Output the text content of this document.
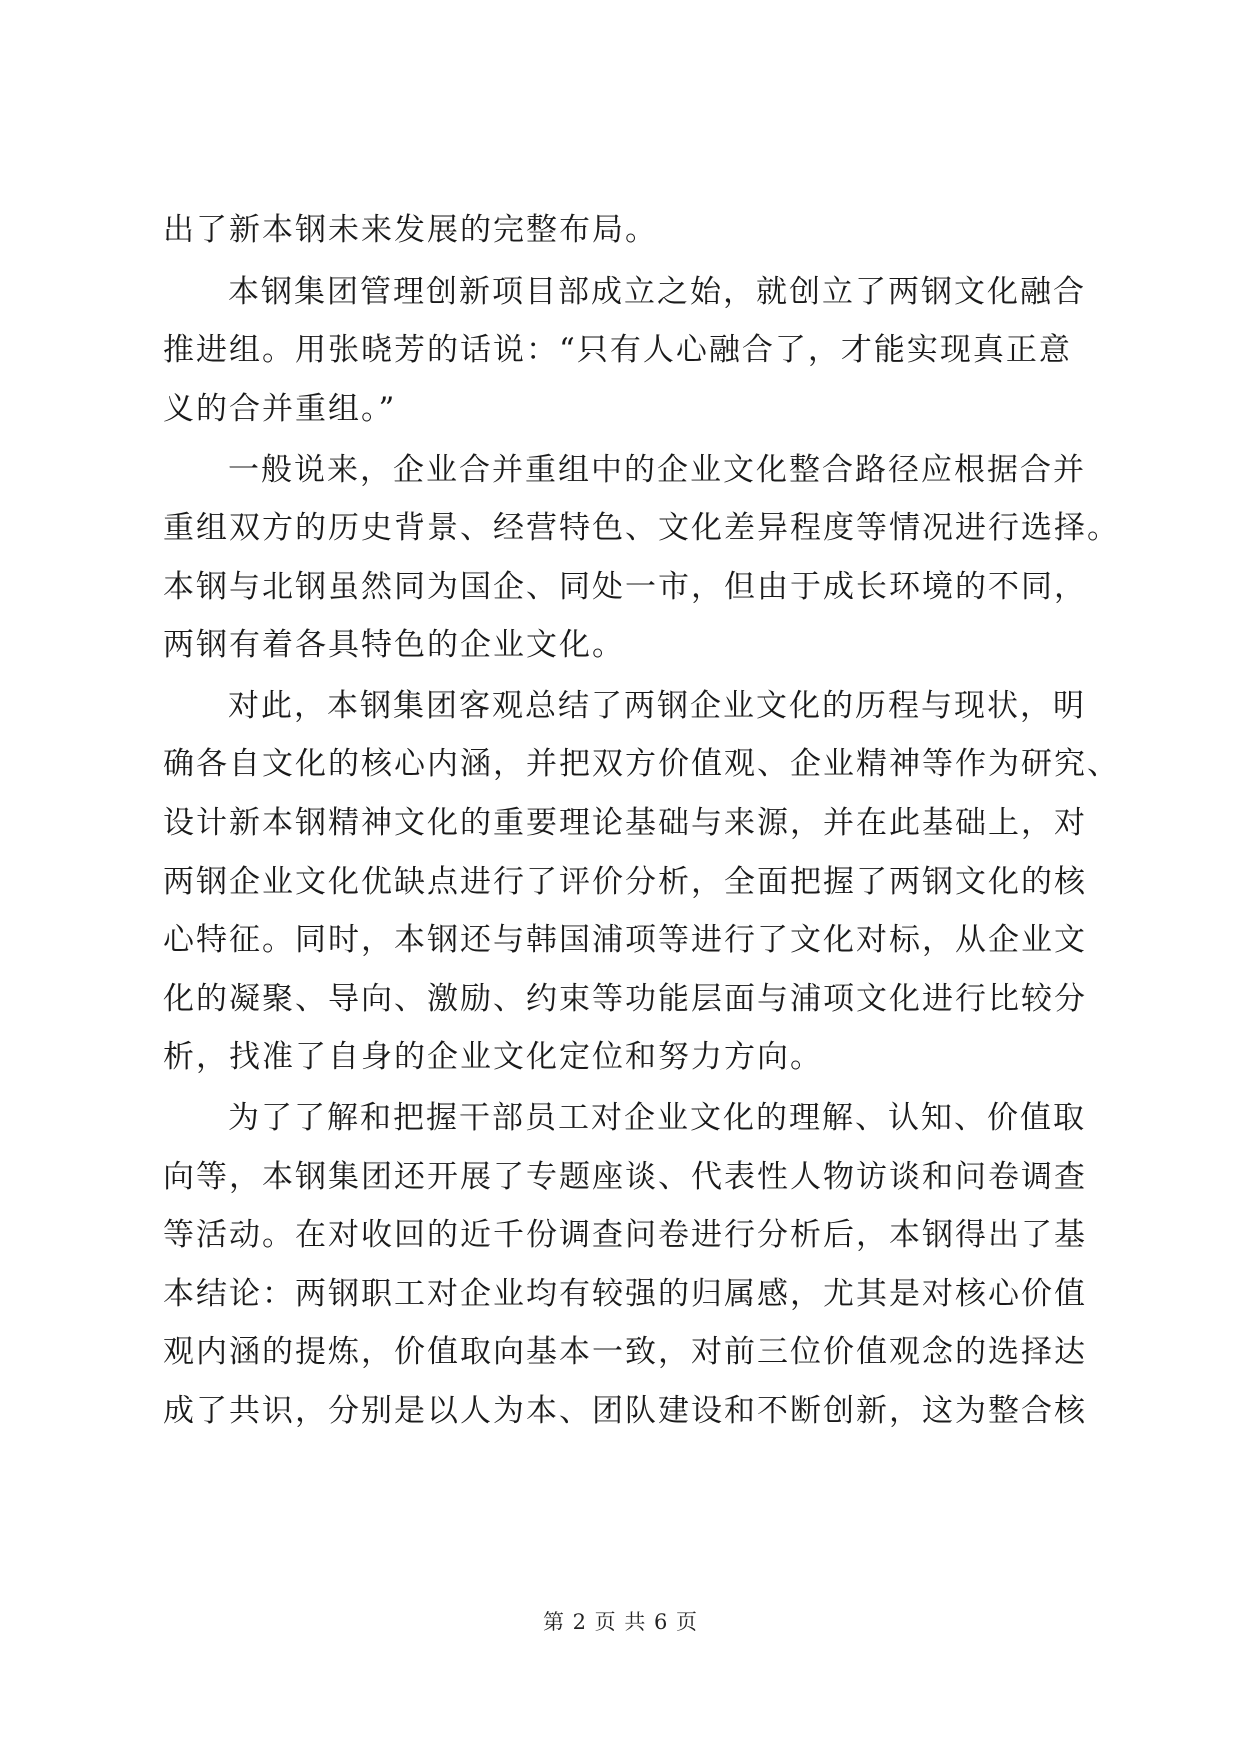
出了新本钢未来发展的完整布局。
本钢集团管理创新项目部成立之始，就创立了两钢文化融合
推进组。用张晓芳的话说：“只有人心融合了，才能实现真正意
义的合并重组。”
一般说来，企业合并重组中的企业文化整合路径应根据合并
重组双方的历史背景、经营特色、文化差异程度等情况进行选择。
本钢与北钢虽然同为国企、同处一市，但由于成长环境的不同，
两钢有着各具特色的企业文化。
对此，本钢集团客观总结了两钢企业文化的历程与现状，明
确各自文化的核心内涵，并把双方价值观、企业精神等作为研究、
设计新本钢精神文化的重要理论基础与来源，并在此基础上，对
两钢企业文化优缺点进行了评价分析，全面把握了两钢文化的核
心特征。同时，本钢还与韩国浦项等进行了文化对标，从企业文
化的凝聚、导向、激励、约束等功能层面与浦项文化进行比较分
析，找准了自身的企业文化定位和努力方向。
为了了解和把握干部员工对企业文化的理解、认知、价值取
向等，本钢集团还开展了专题座谈、代表性人物访谈和问卷调查
等活动。在对收回的近千份调查问卷进行分析后，本钢得出了基
本结论：两钢职工对企业均有较强的归属感，尤其是对核心价值
观内涵的提炼，价值取向基本一致，对前三位价值观念的选择达
成了共识，分别是以人为本、团队建设和不断创新，这为整合核
第 2 页 共 6 页
